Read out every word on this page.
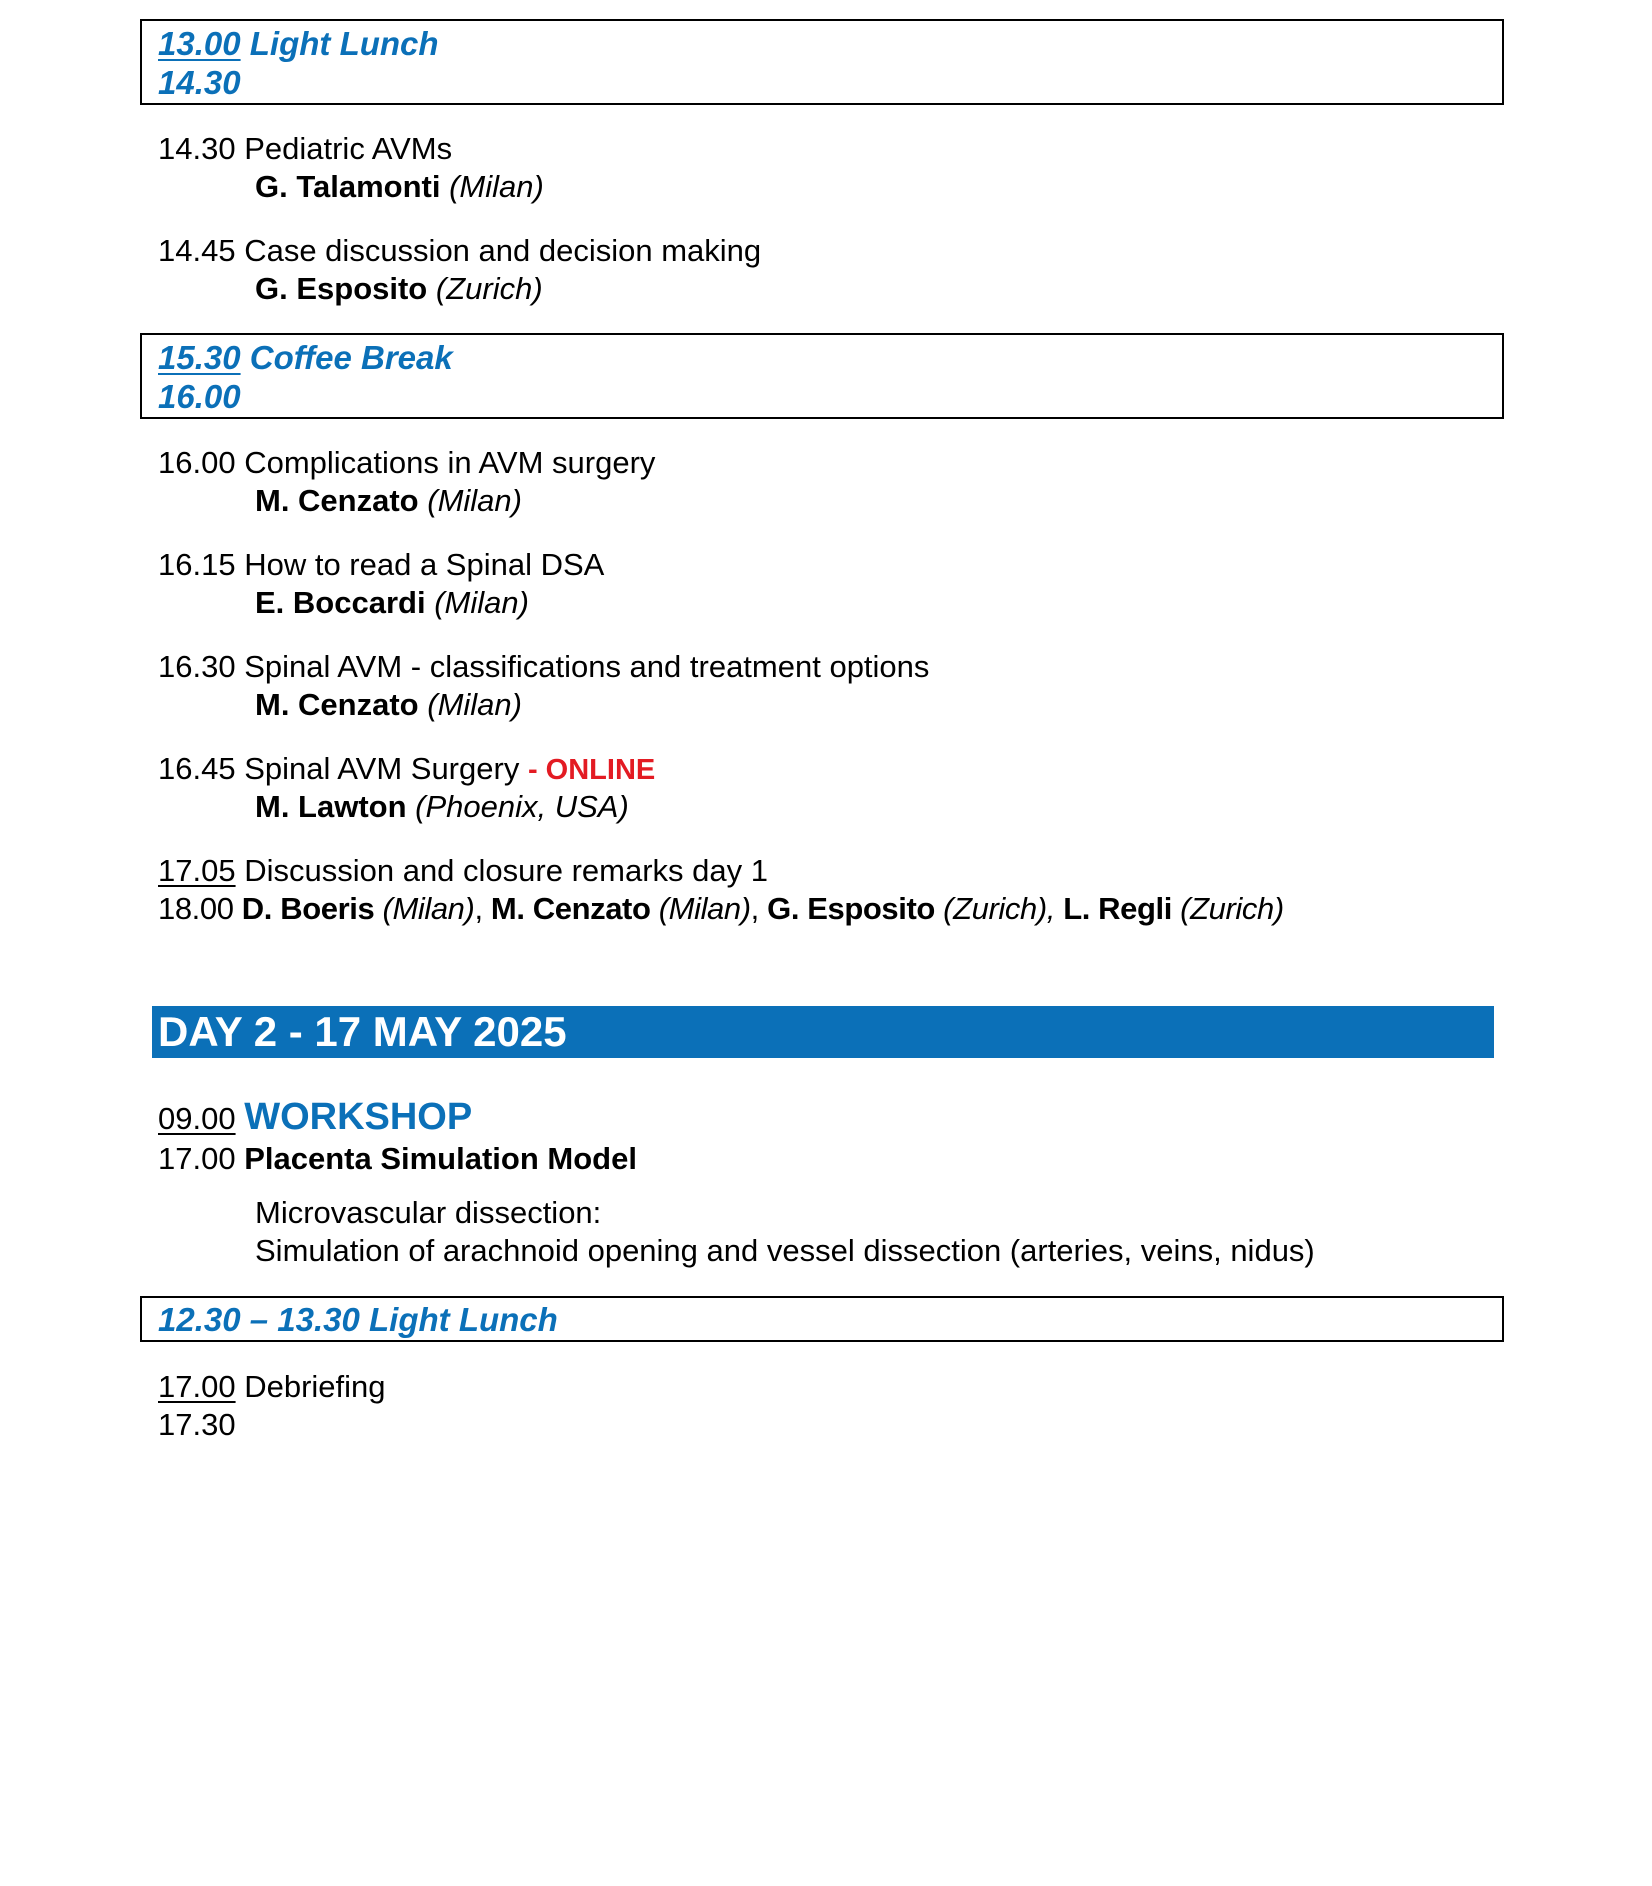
13.00 Light Lunch
14.30
14.30 Pediatric AVMs
G. Talamonti (Milan)
14.45 Case discussion and decision making
G. Esposito (Zurich)
15.30 Coffee Break
16.00
16.00 Complications in AVM surgery
M. Cenzato (Milan)
16.15 How to read a Spinal DSA
E. Boccardi (Milan)
16.30 Spinal AVM - classifications and treatment options
M. Cenzato (Milan)
16.45 Spinal AVM Surgery - ONLINE
M. Lawton (Phoenix, USA)
17.05 Discussion and closure remarks day 1
18.00 D. Boeris (Milan), M. Cenzato (Milan), G. Esposito (Zurich), L. Regli (Zurich)
DAY 2 - 17 MAY 2025
09.00 WORKSHOP
17.00 Placenta Simulation Model
Microvascular dissection:
Simulation of arachnoid opening and vessel dissection (arteries, veins, nidus)
12.30 – 13.30 Light Lunch
17.00 Debriefing
17.30
